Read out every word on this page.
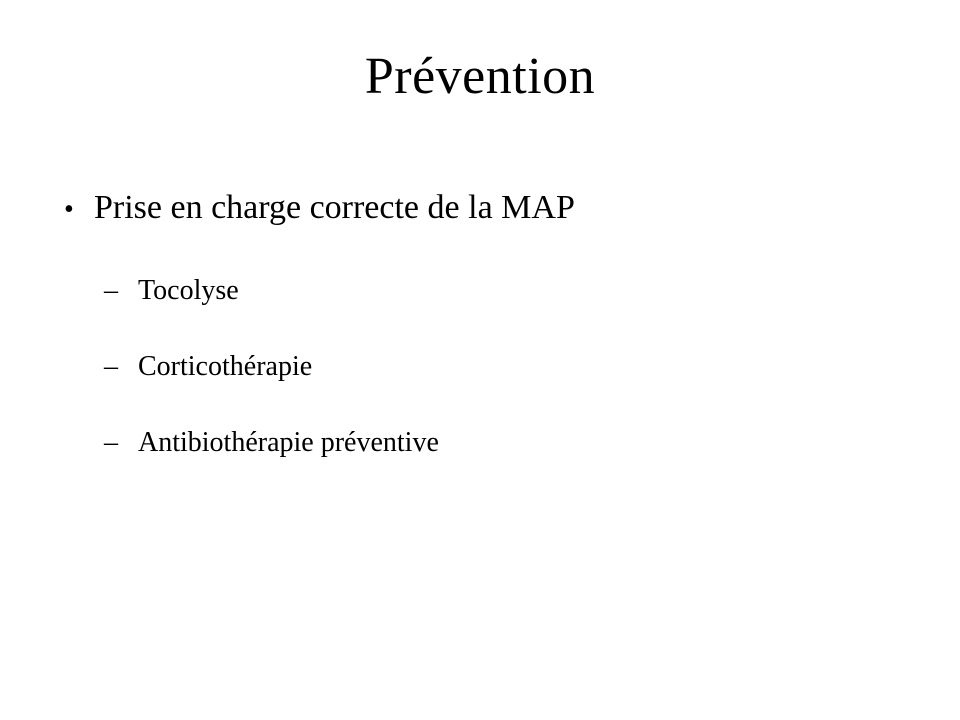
Prévention
• Prise en charge correcte de la MAP
– Tocolyse
– Corticothérapie
– Antibiothérapie préventive
